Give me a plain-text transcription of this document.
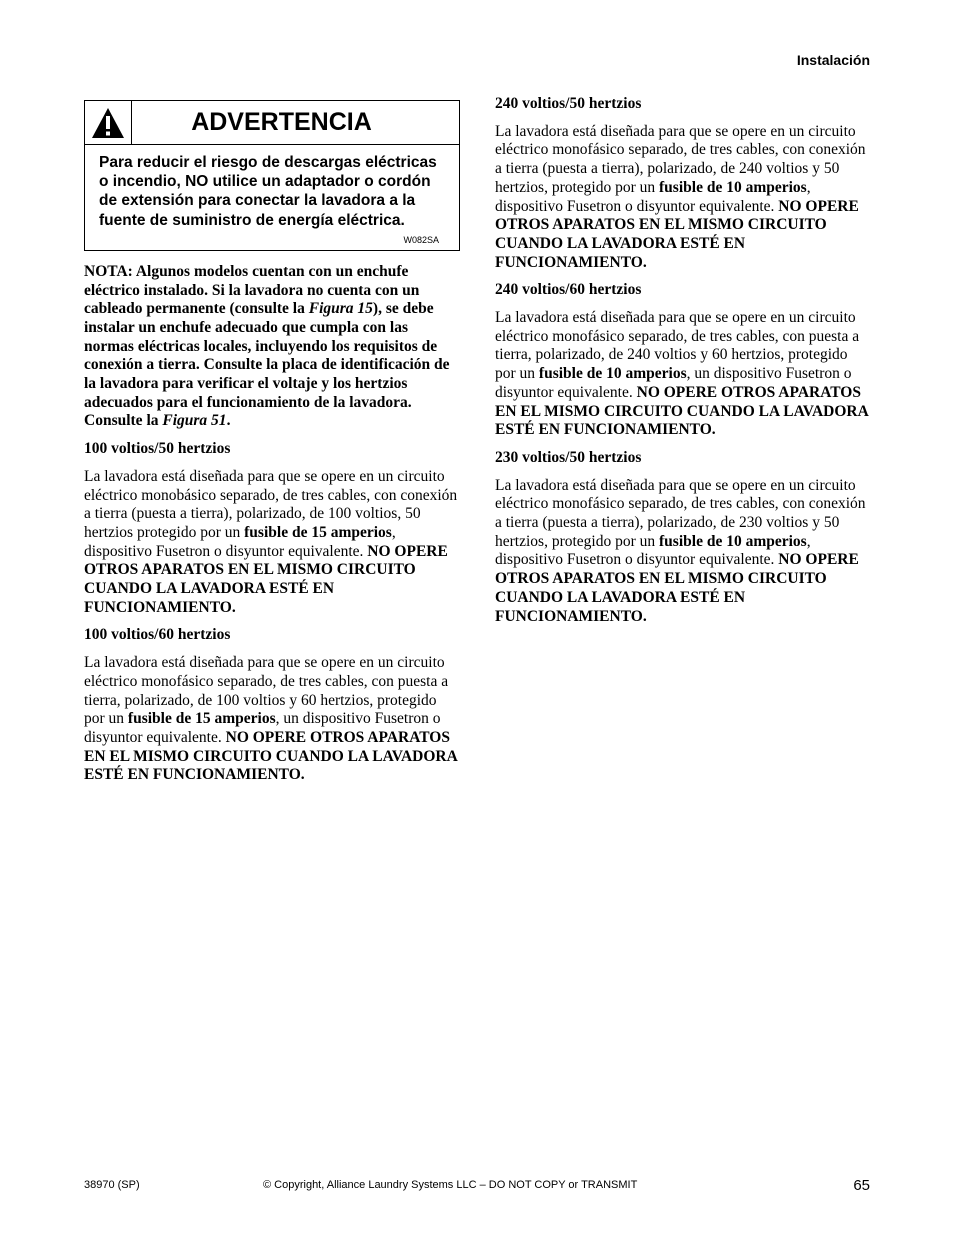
Instalación
ADVERTENCIA
Para reducir el riesgo de descargas eléctricas o incendio, NO utilice un adaptador o cordón de extensión para conectar la lavadora a la fuente de suministro de energía eléctrica.
W082SA

NOTA: Algunos modelos cuentan con un enchufe eléctrico instalado. Si la lavadora no cuenta con un cableado permanente (consulte la Figura 15), se debe instalar un enchufe adecuado que cumpla con las normas eléctricas locales, incluyendo los requisitos de conexión a tierra. Consulte la placa de identificación de la lavadora para verificar el voltaje y los hertzios adecuados para el funcionamiento de la lavadora. Consulte la Figura 51.

100 voltios/50 hertzios

La lavadora está diseñada para que se opere en un circuito eléctrico monobásico separado, de tres cables, con conexión a tierra (puesta a tierra), polarizado, de 100 voltios, 50 hertzios protegido por un fusible de 15 amperios, dispositivo Fusetron o disyuntor equivalente. NO OPERE OTROS APARATOS EN EL MISMO CIRCUITO CUANDO LA LAVADORA ESTÉ EN FUNCIONAMIENTO.

100 voltios/60 hertzios

La lavadora está diseñada para que se opere en un circuito eléctrico monofásico separado, de tres cables, con puesta a tierra, polarizado, de 100 voltios y 60 hertzios, protegido por un fusible de 15 amperios, un dispositivo Fusetron o disyuntor equivalente. NO OPERE OTROS APARATOS EN EL MISMO CIRCUITO CUANDO LA LAVADORA ESTÉ EN FUNCIONAMIENTO.

240 voltios/50 hertzios

La lavadora está diseñada para que se opere en un circuito eléctrico monofásico separado, de tres cables, con conexión a tierra (puesta a tierra), polarizado, de 240 voltios y 50 hertzios, protegido por un fusible de 10 amperios, dispositivo Fusetron o disyuntor equivalente. NO OPERE OTROS APARATOS EN EL MISMO CIRCUITO CUANDO LA LAVADORA ESTÉ EN FUNCIONAMIENTO.

240 voltios/60 hertzios

La lavadora está diseñada para que se opere en un circuito eléctrico monofásico separado, de tres cables, con puesta a tierra, polarizado, de 240 voltios y 60 hertzios, protegido por un fusible de 10 amperios, un dispositivo Fusetron o disyuntor equivalente. NO OPERE OTROS APARATOS EN EL MISMO CIRCUITO CUANDO LA LAVADORA ESTÉ EN FUNCIONAMIENTO.

230 voltios/50 hertzios

La lavadora está diseñada para que se opere en un circuito eléctrico monofásico separado, de tres cables, con conexión a tierra (puesta a tierra), polarizado, de 230 voltios y 50 hertzios, protegido por un fusible de 10 amperios, dispositivo Fusetron o disyuntor equivalente. NO OPERE OTROS APARATOS EN EL MISMO CIRCUITO CUANDO LA LAVADORA ESTÉ EN FUNCIONAMIENTO.

38970 (SP)	© Copyright, Alliance Laundry Systems LLC – DO NOT COPY or TRANSMIT	65
